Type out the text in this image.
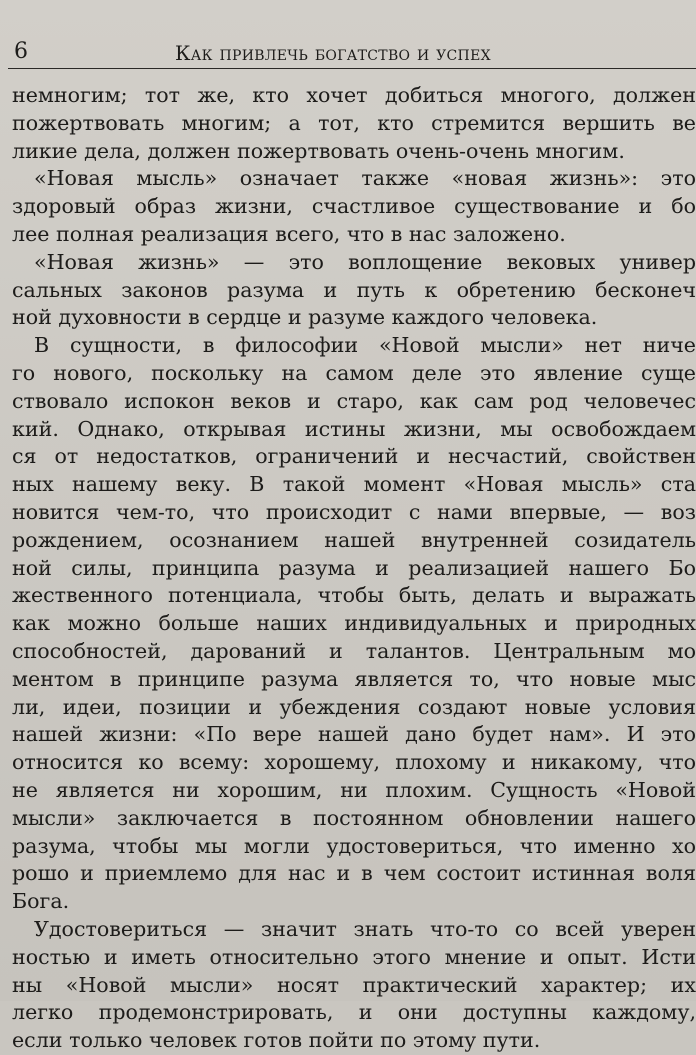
6	Как привлечь богатство и успех
немногим; тот же, кто хочет добиться многого, должен
пожертвовать многим; а тот, кто стремится вершить ве
ликие дела, должен пожертвовать очень-очень многим.
«Новая мысль» означает также «новая жизнь»: это
здоровый образ жизни, счастливое существование и бо
лее полная реализация всего, что в нас заложено.
«Новая жизнь» — это воплощение вековых универ
сальных законов разума и путь к обретению бесконеч
ной духовности в сердце и разуме каждого человека.
В сущности, в философии «Новой мысли» нет ниче
го нового, поскольку на самом деле это явление суще
ствовало испокон веков и старо, как сам род человечес
кий. Однако, открывая истины жизни, мы освобождаем
ся от недостатков, ограничений и несчастий, свойствен
ных нашему веку. В такой момент «Новая мысль» ста
новится чем-то, что происходит с нами впервые, — воз
рождением, осознанием нашей внутренней созидатель
ной силы, принципа разума и реализацией нашего Бо
жественного потенциала, чтобы быть, делать и выражать
как можно больше наших индивидуальных и природных
способностей, дарований и талантов. Центральным мо
ментом в принципе разума является то, что новые мыс
ли, идеи, позиции и убеждения создают новые условия
нашей жизни: «По вере нашей дано будет нам». И это
относится ко всему: хорошему, плохому и никакому, что
не является ни хорошим, ни плохим. Сущность «Новой
мысли» заключается в постоянном обновлении нашего
разума, чтобы мы могли удостовериться, что именно хо
рошо и приемлемо для нас и в чем состоит истинная воля
Бога.
Удостовериться — значит знать что-то со всей уверен
ностью и иметь относительно этого мнение и опыт. Исти
ны «Новой мысли» носят практический характер; их
легко продемонстрировать, и они доступны каждому,
если только человек готов пойти по этому пути.
